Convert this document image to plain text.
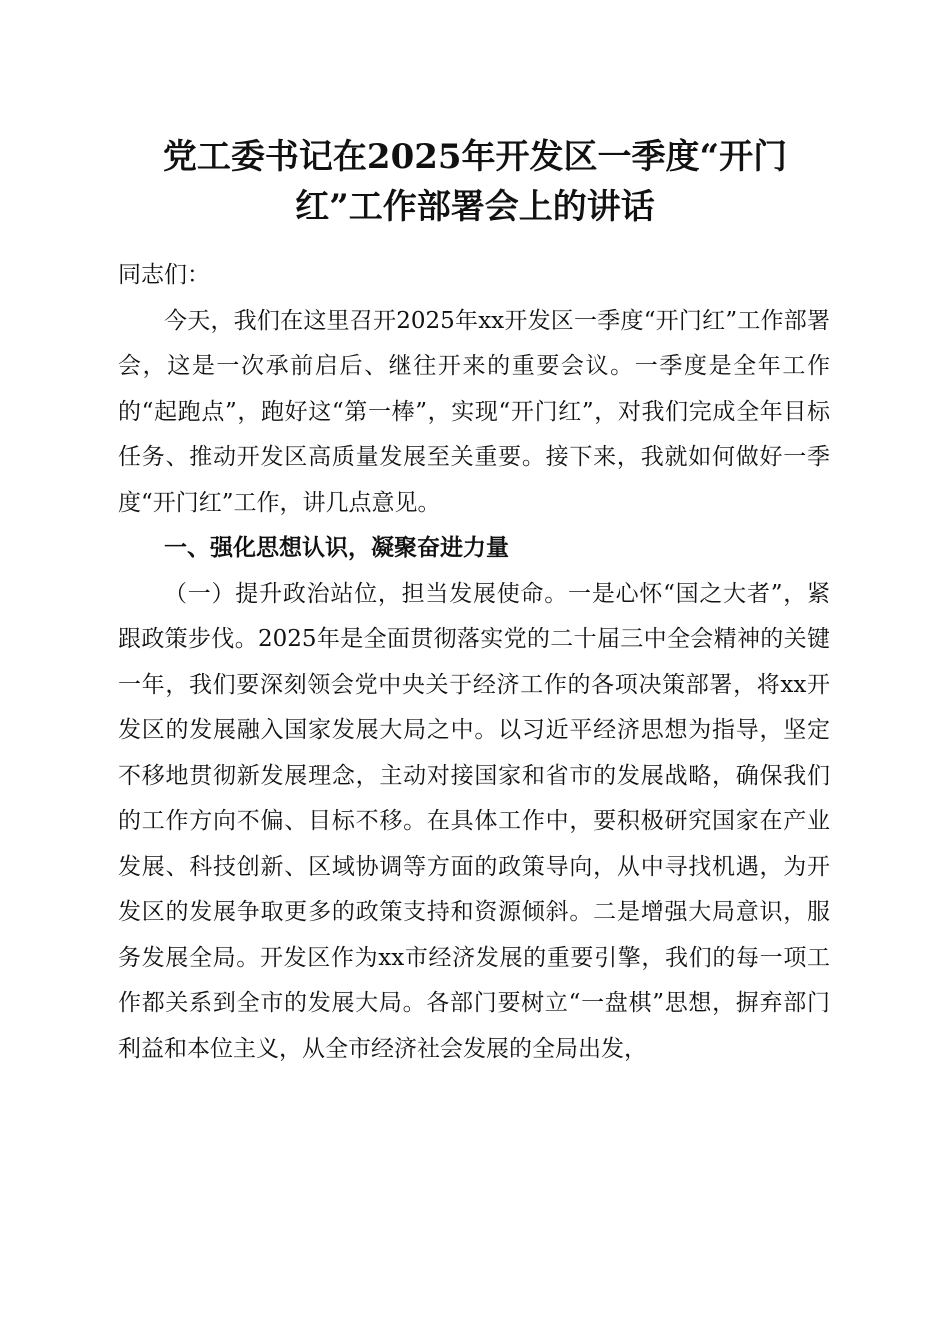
党工委书记在2025年开发区一季度“开门
红”工作部署会上的讲话

同志们：

今天，我们在这里召开2025年xx开发区一季度“开门红”工作部署会，这是一次承前启后、继往开来的重要会议。一季度是全年工作的“起跑点”，跑好这“第一棒”，实现“开门红”，对我们完成全年目标任务、推动开发区高质量发展至关重要。接下来，我就如何做好一季度“开门红”工作，讲几点意见。

一、强化思想认识，凝聚奋进力量

（一）提升政治站位，担当发展使命。一是心怀“国之大者”，紧跟政策步伐。2025年是全面贯彻落实党的二十届三中全会精神的关键一年，我们要深刻领会党中央关于经济工作的各项决策部署，将xx开发区的发展融入国家发展大局之中。以习近平经济思想为指导，坚定不移地贯彻新发展理念，主动对接国家和省市的发展战略，确保我们的工作方向不偏、目标不移。在具体工作中，要积极研究国家在产业发展、科技创新、区域协调等方面的政策导向，从中寻找机遇，为开发区的发展争取更多的政策支持和资源倾斜。二是增强大局意识，服务发展全局。开发区作为xx市经济发展的重要引擎，我们的每一项工作都关系到全市的发展大局。各部门要树立“一盘棋”思想，摒弃部门利益和本位主义，从全市经济社会发展的全局出发，
